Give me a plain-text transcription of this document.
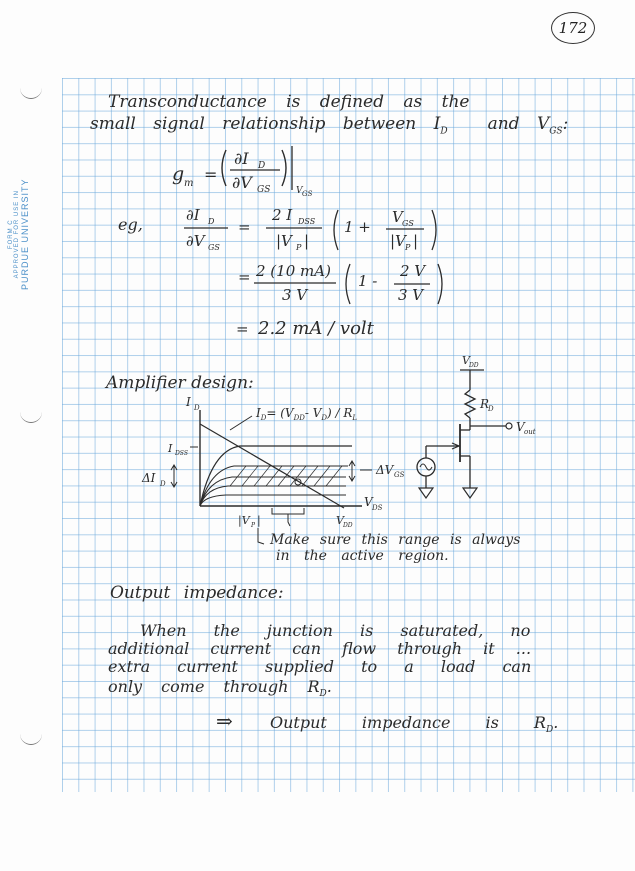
FORM C APPROVED FOR USE IN PURDUE UNIVERSITY
172
Transconductance is defined as the
small signal relationship between $I_D$ and $V_{GS}$:
g m =
∂I D
∂V GS	V GS
eg,	∂I D
∂V GS
=
2 I DSS
|V P |
1 +
V GS
|V P |
= 2 (10 mA)
3 V
1 -
2 V
3 V
= 2.2 mA / volt
Amplifier design:
I D
V DS
$I_D= (V_{DD}-$ $V_D) / R_L$
I DSS
ΔI D
ΔV GS
|V P |	V DD
Make sure this range is always
in the active region.
V DD
R
D
V out
Output impedance:
When the junction is saturated, no
additional current can flow through it ...
extra current supplied to a load can
only come through $R_D$.
⇒ Output impedance is $R_D$.
